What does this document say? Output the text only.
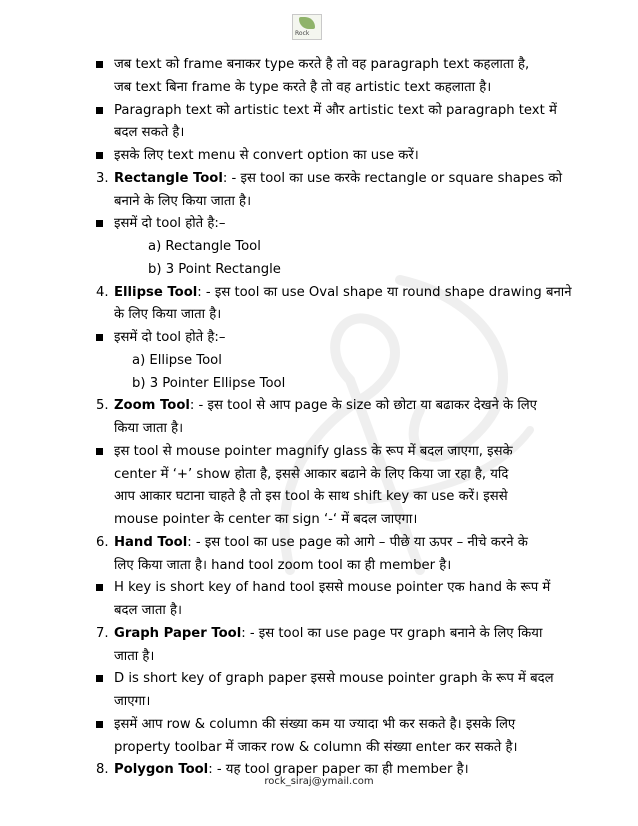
Rock
जब text को frame बनाकर type करते है तो वह paragraph text कहलाता है,
जब text बिना frame के type करते है तो वह artistic text कहलाता है।
Paragraph text को artistic text में और artistic text को paragraph text में
बदल सकते है।
इसके लिए text menu से convert option का use करें।
3. Rectangle Tool: - इस tool का use करके rectangle or square shapes को
बनाने के लिए किया जाता है।
इसमें दो tool होते है:–
a) Rectangle Tool
b) 3 Point Rectangle
4. Ellipse Tool: - इस tool का use Oval shape या round shape drawing बनाने
के लिए किया जाता है।
इसमें दो tool होते है:–
a) Ellipse Tool
b) 3 Pointer Ellipse Tool
5. Zoom Tool: - इस tool से आप page के size को छोटा या बढाकर देखने के लिए
किया जाता है।
इस tool से mouse pointer magnify glass के रूप में बदल जाएगा, इसके
center में ‘+’ show होता है, इससे आकार बढाने के लिए किया जा रहा है, यदि
आप आकार घटाना चाहते है तो इस tool के साथ shift key का use करें। इससे
mouse pointer के center का sign ‘-‘ में बदल जाएगा।
6. Hand Tool: - इस tool का use page को आगे – पीछे या ऊपर – नीचे करने के
लिए किया जाता है। hand tool zoom tool का ही member है।
H key is short key of hand tool इससे mouse pointer एक hand के रूप में
बदल जाता है।
7. Graph Paper Tool: - इस tool का use page पर graph बनाने के लिए किया
जाता है।
D is short key of graph paper इससे mouse pointer graph के रूप में बदल
जाएगा।
इसमें आप row & column की संख्या कम या ज्यादा भी कर सकते है। इसके लिए
property toolbar में जाकर row & column की संख्या enter कर सकते है।
8. Polygon Tool: - यह tool graper paper का ही member है।
rock_siraj@ymail.com
